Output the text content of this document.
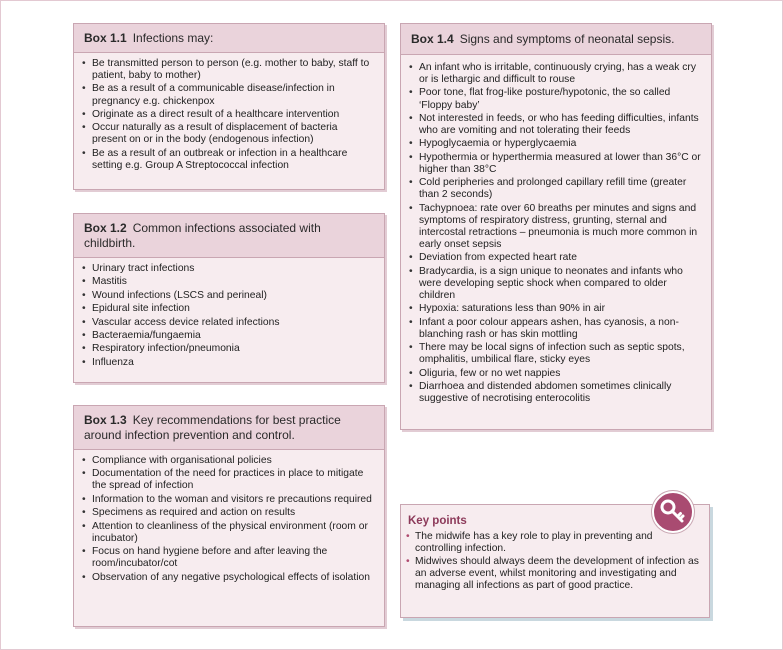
Box 1.1 Infections may:
• Be transmitted person to person (e.g. mother to baby, staff to patient, baby to mother)
• Be as a result of a communicable disease/infection in pregnancy e.g. chickenpox
• Originate as a direct result of a healthcare intervention
• Occur naturally as a result of displacement of bacteria present on or in the body (endogenous infection)
• Be as a result of an outbreak or infection in a healthcare setting e.g. Group A Streptococcal infection
Box 1.2 Common infections associated with childbirth.
• Urinary tract infections
• Mastitis
• Wound infections (LSCS and perineal)
• Epidural site infection
• Vascular access device related infections
• Bacteraemia/fungaemia
• Respiratory infection/pneumonia
• Influenza
Box 1.3 Key recommendations for best practice around infection prevention and control.
• Compliance with organisational policies
• Documentation of the need for practices in place to mitigate the spread of infection
• Information to the woman and visitors re precautions required
• Specimens as required and action on results
• Attention to cleanliness of the physical environment (room or incubator)
• Focus on hand hygiene before and after leaving the room/incubator/cot
• Observation of any negative psychological effects of isolation
Box 1.4 Signs and symptoms of neonatal sepsis.
• An infant who is irritable, continuously crying, has a weak cry or is lethargic and difficult to rouse
• Poor tone, flat frog-like posture/hypotonic, the so called ‘Floppy baby’
• Not interested in feeds, or who has feeding difficulties, infants who are vomiting and not tolerating their feeds
• Hypoglycaemia or hyperglycaemia
• Hypothermia or hyperthermia measured at lower than 36°C or higher than 38°C
• Cold peripheries and prolonged capillary refill time (greater than 2 seconds)
• Tachypnoea: rate over 60 breaths per minutes and signs and symptoms of respiratory distress, grunting, sternal and intercostal retractions – pneumonia is much more common in early onset sepsis
• Deviation from expected heart rate
• Bradycardia, is a sign unique to neonates and infants who were developing septic shock when compared to older children
• Hypoxia: saturations less than 90% in air
• Infant a poor colour appears ashen, has cyanosis, a non-blanching rash or has skin mottling
• There may be local signs of infection such as septic spots, omphalitis, umbilical flare, sticky eyes
• Oliguria, few or no wet nappies
• Diarrhoea and distended abdomen sometimes clinically suggestive of necrotising enterocolitis
Key points
• The midwife has a key role to play in preventing and controlling infection.
• Midwives should always deem the development of infection as an adverse event, whilst monitoring and investigating and managing all infections as part of good practice.
